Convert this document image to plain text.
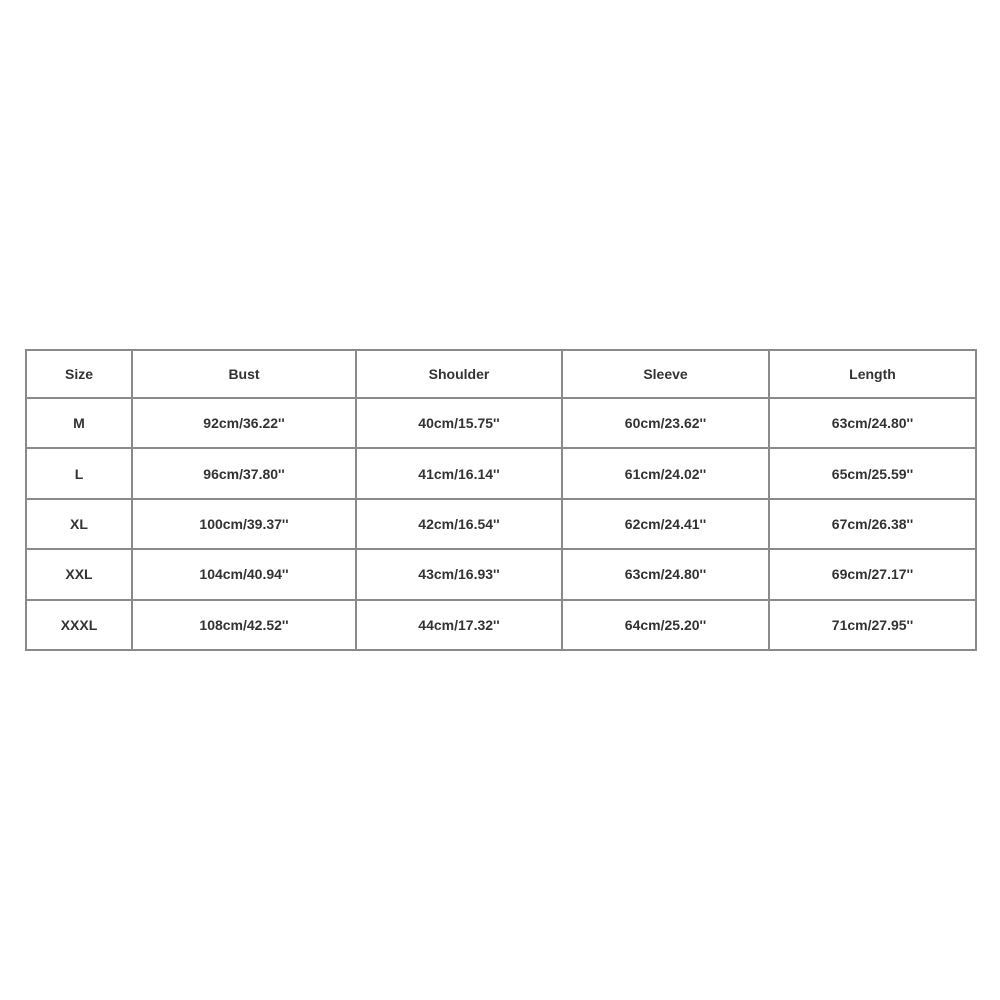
Size	Bust	Shoulder	Sleeve	Length
M	92cm/36.22''	40cm/15.75''	60cm/23.62''	63cm/24.80''
L	96cm/37.80''	41cm/16.14''	61cm/24.02''	65cm/25.59''
XL	100cm/39.37''	42cm/16.54''	62cm/24.41''	67cm/26.38''
XXL	104cm/40.94''	43cm/16.93''	63cm/24.80''	69cm/27.17''
XXXL	108cm/42.52''	44cm/17.32''	64cm/25.20''	71cm/27.95''
